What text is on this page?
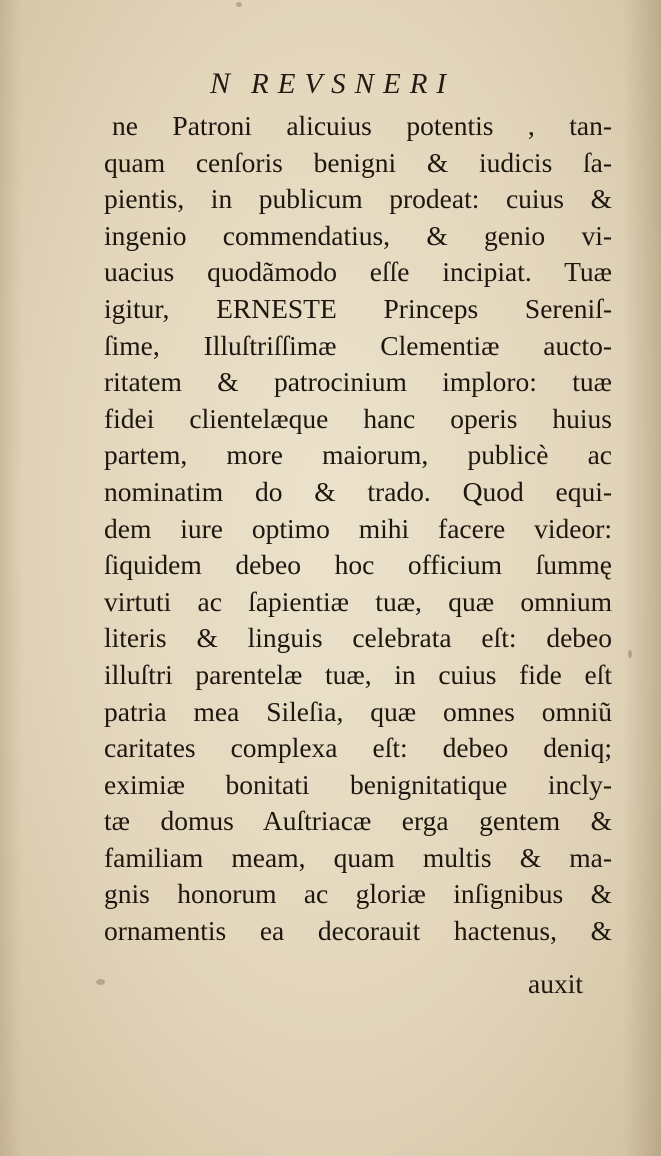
N REVSNERI
ne Patroni alicuius potentis , tan-
quam cenſoris benigni & iudicis ſa-
pientis, in publicum prodeat: cuius &
ingenio commendatius, & genio vi-
uacius quodãmodo eſſe incipiat. Tuæ
igitur, ERNESTE Princeps Sereniſ-
ſime, Illuſtriſſimæ Clementiæ aucto-
ritatem & patrocinium imploro: tuæ
fidei clientelæque hanc operis huius
partem, more maiorum, publicè ac
nominatim do & trado. Quod equi-
dem iure optimo mihi facere videor:
ſiquidem debeo hoc officium ſummę
virtuti ac ſapientiæ tuæ, quæ omnium
literis & linguis celebrata eſt: debeo
illuſtri parentelæ tuæ, in cuius fide eſt
patria mea Sileſia, quæ omnes omniũ
caritates complexa eſt: debeo deniq;
eximiæ bonitati benignitatique incly-
tæ domus Auſtriacæ erga gentem &
familiam meam, quam multis & ma-
gnis honorum ac gloriæ inſignibus &
ornamentis ea decorauit hactenus, &
auxit
